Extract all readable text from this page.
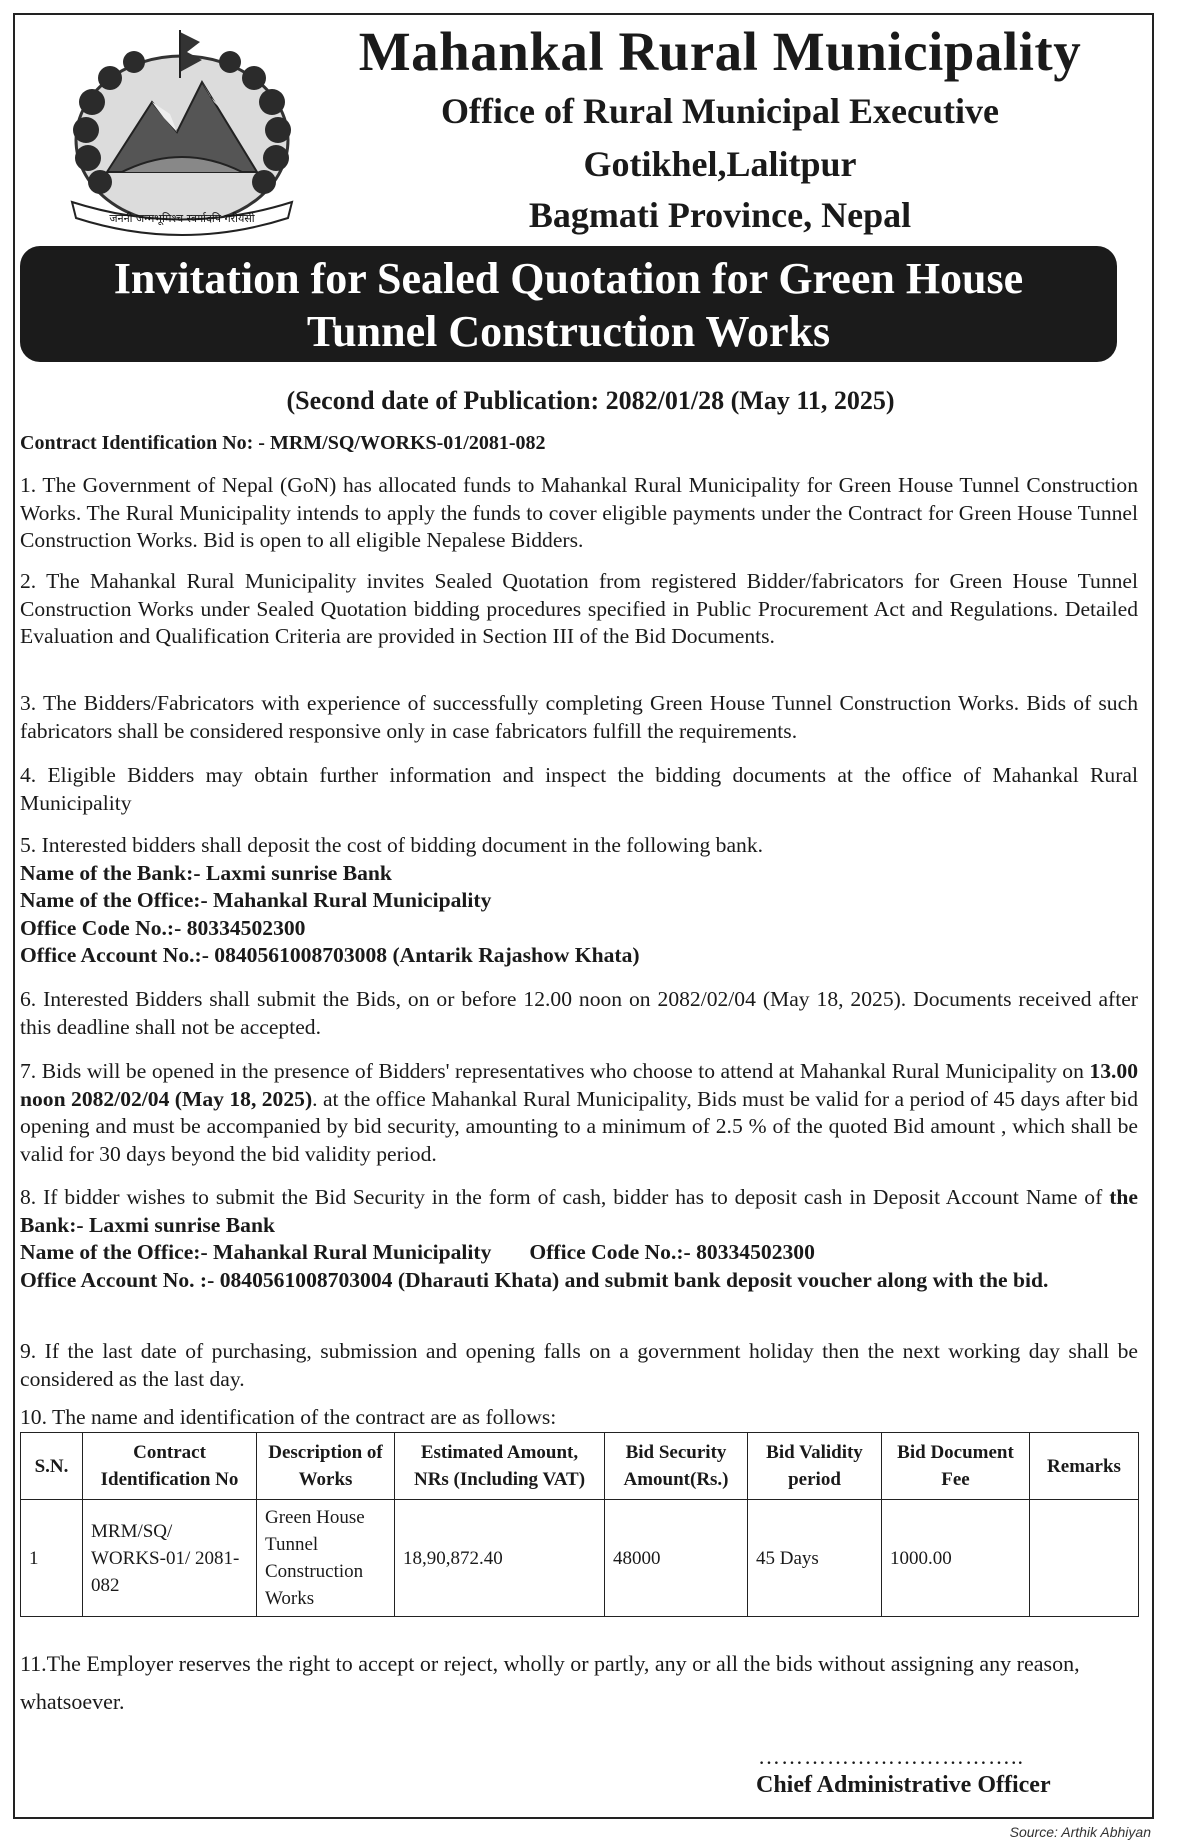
जननी जन्मभूमिश्च स्वर्गादपि गरीयसी
Mahankal Rural Municipality
Office of Rural Municipal Executive
Gotikhel,Lalitpur
Bagmati Province, Nepal
Invitation for Sealed Quotation for Green House
Tunnel Construction Works
(Second date of Publication: 2082/01/28 (May 11, 2025)
Contract Identification No: - MRM/SQ/WORKS-01/2081-082
1. The Government of Nepal (GoN) has allocated funds to Mahankal Rural Municipality for Green House Tunnel Construction Works. The Rural Municipality intends to apply the funds to cover eligible payments under the Contract for Green House Tunnel Construction Works. Bid is open to all eligible Nepalese Bidders.
2. The Mahankal Rural Municipality invites Sealed Quotation from registered Bidder/fabricators for Green House Tunnel Construction Works under Sealed Quotation bidding procedures specified in Public Procurement Act and Regulations. Detailed Evaluation and Qualification Criteria are provided in Section III of the Bid Documents.
3. The Bidders/Fabricators with experience of successfully completing Green House Tunnel Construction Works. Bids of such fabricators shall be considered responsive only in case fabricators fulfill the requirements.
4. Eligible Bidders may obtain further information and inspect the bidding documents at the office of Mahankal Rural Municipality
5. Interested bidders shall deposit the cost of bidding document in the following bank.
Name of the Bank:- Laxmi sunrise Bank
Name of the Office:- Mahankal Rural Municipality
Office Code No.:- 80334502300
Office Account No.:- 0840561008703008 (Antarik Rajashow Khata)
6. Interested Bidders shall submit the Bids, on or before 12.00 noon on 2082/02/04 (May 18, 2025). Documents received after this deadline shall not be accepted.
7. Bids will be opened in the presence of Bidders' representatives who choose to attend at Mahankal Rural Municipality on 13.00 noon 2082/02/04 (May 18, 2025). at the office Mahankal Rural Municipality, Bids must be valid for a period of 45 days after bid opening and must be accompanied by bid security, amounting to a minimum of 2.5 % of the quoted Bid amount , which shall be valid for 30 days beyond the bid validity period.
8. If bidder wishes to submit the Bid Security in the form of cash, bidder has to deposit cash in Deposit Account Name of the Bank:- Laxmi sunrise Bank
Name of the Office:- Mahankal Rural Municipality Office Code No.:- 80334502300
Office Account No. :- 0840561008703004 (Dharauti Khata) and submit bank deposit voucher along with the bid.
9. If the last date of purchasing, submission and opening falls on a government holiday then the next working day shall be considered as the last day.
10. The name and identification of the contract are as follows:
S.N.	Contract Identification No	Description of Works	Estimated Amount, NRs (Including VAT)	Bid Security Amount(Rs.)	Bid Validity period	Bid Document Fee	Remarks
1	MRM/SQ/ WORKS-01/ 2081-082	Green House Tunnel Construction Works	18,90,872.40	48000	45 Days	1000.00	
11.The Employer reserves the right to accept or reject, wholly or partly, any or all the bids without assigning any reason, whatsoever.
……………………………..
Chief Administrative Officer
Source: Arthik Abhiyan
